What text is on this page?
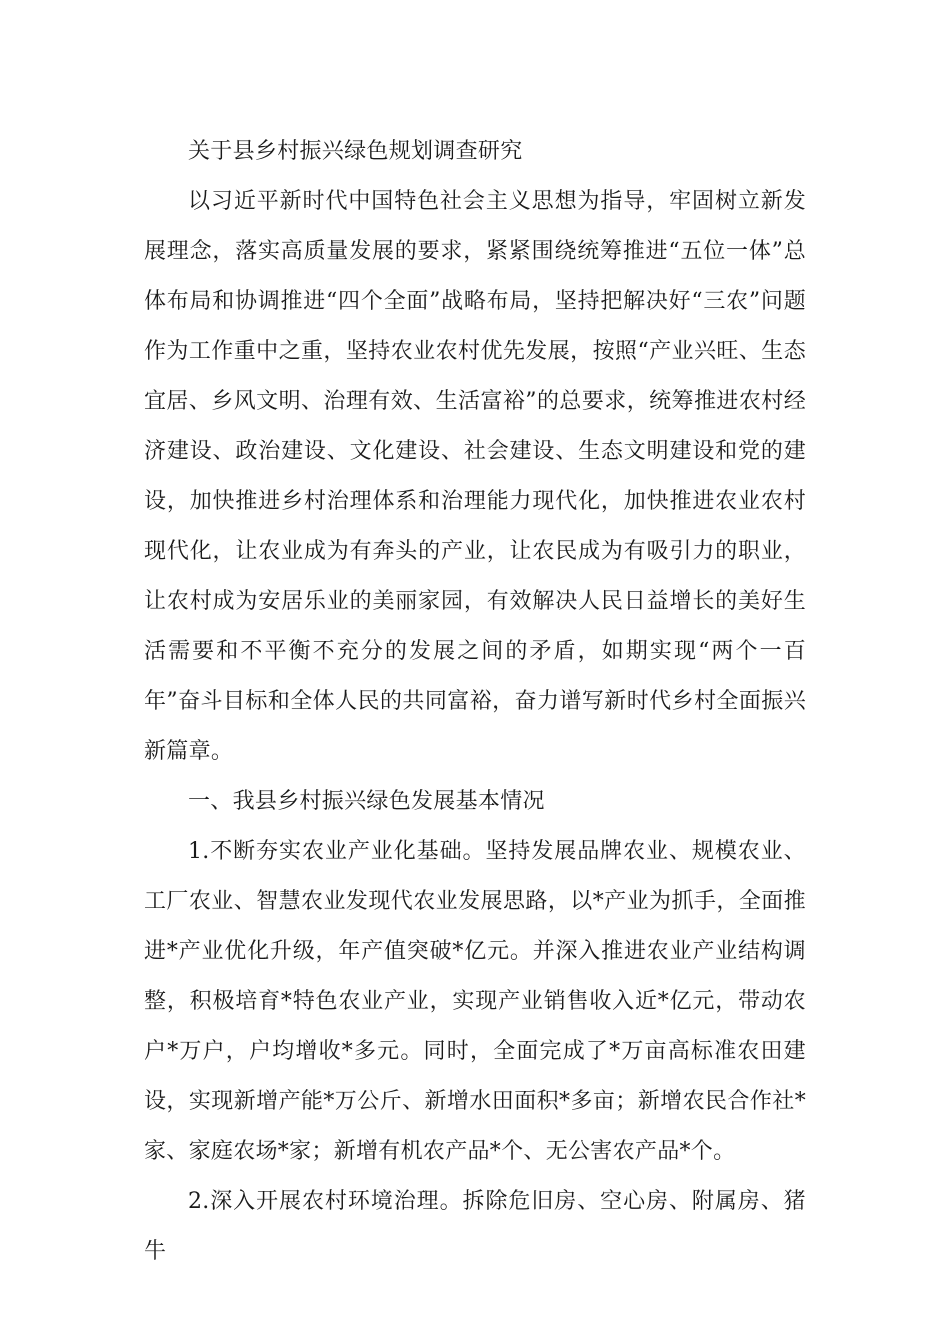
关于县乡村振兴绿色规划调查研究

以习近平新时代中国特色社会主义思想为指导，牢固树立新发展理念，落实高质量发展的要求，紧紧围绕统筹推进“五位一体”总体布局和协调推进“四个全面”战略布局，坚持把解决好“三农”问题作为工作重中之重，坚持农业农村优先发展，按照“产业兴旺、生态宜居、乡风文明、治理有效、生活富裕”的总要求，统筹推进农村经济建设、政治建设、文化建设、社会建设、生态文明建设和党的建设，加快推进乡村治理体系和治理能力现代化，加快推进农业农村现代化，让农业成为有奔头的产业，让农民成为有吸引力的职业，让农村成为安居乐业的美丽家园，有效解决人民日益增长的美好生活需要和不平衡不充分的发展之间的矛盾，如期实现“两个一百年”奋斗目标和全体人民的共同富裕，奋力谱写新时代乡村全面振兴新篇章。

一、我县乡村振兴绿色发展基本情况

1.不断夯实农业产业化基础。坚持发展品牌农业、规模农业、工厂农业、智慧农业发现代农业发展思路，以*产业为抓手，全面推进*产业优化升级，年产值突破*亿元。并深入推进农业产业结构调整，积极培育*特色农业产业，实现产业销售收入近*亿元，带动农户*万户，户均增收*多元。同时，全面完成了*万亩高标准农田建设，实现新增产能*万公斤、新增水田面积*多亩；新增农民合作社*家、家庭农场*家；新增有机农产品*个、无公害农产品*个。

2.深入开展农村环境治理。拆除危旧房、空心房、附属房、猪牛
